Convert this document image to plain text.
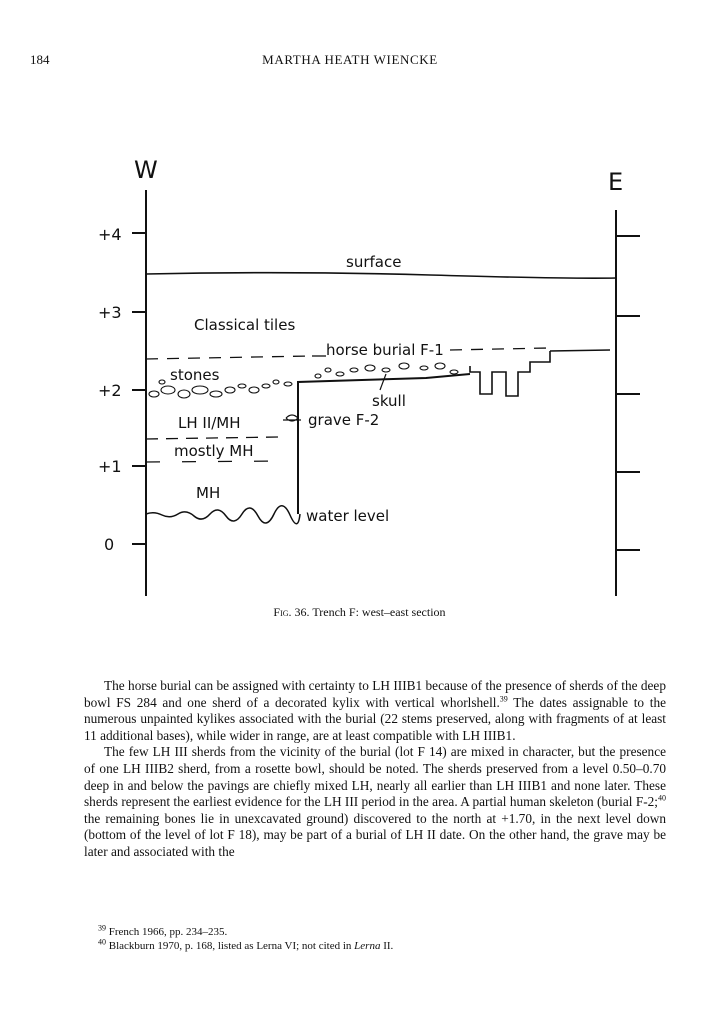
184	MARTHA HEATH WIENCKE
W	E
+4
+3
+2
+1
0
surface
Classical tiles
horse burial F-1
stones
skull
grave F-2
LH II/MH
mostly MH
MH
water level
Fig. 36. Trench F: west–east section

The horse burial can be assigned with certainty to LH IIIB1 because of the presence of sherds of the deep bowl FS 284 and one sherd of a decorated kylix with vertical whorlshell.$^{39}$ The dates assignable to the numerous unpainted kylikes associated with the burial (22 stems preserved, along with fragments of at least 11 additional bases), while wider in range, are at least compatible with LH IIIB1.

The few LH III sherds from the vicinity of the burial (lot F 14) are mixed in character, but the presence of one LH IIIB2 sherd, from a rosette bowl, should be noted. The sherds preserved from a level 0.50–0.70 deep in and below the pavings are chiefly mixed LH, nearly all earlier than LH IIIB1 and none later. These sherds represent the earliest evidence for the LH III period in the area. A partial human skeleton (burial F-2;$^{40}$ the remaining bones lie in unexcavated ground) discovered to the north at +1.70, in the next level down (bottom of the level of lot F 18), may be part of a burial of LH II date. On the other hand, the grave may be later and associated with the

$^{39}$ French 1966, pp. 234–235.
$^{40}$ Blackburn 1970, p. 168, listed as Lerna VI; not cited in Lerna II.
